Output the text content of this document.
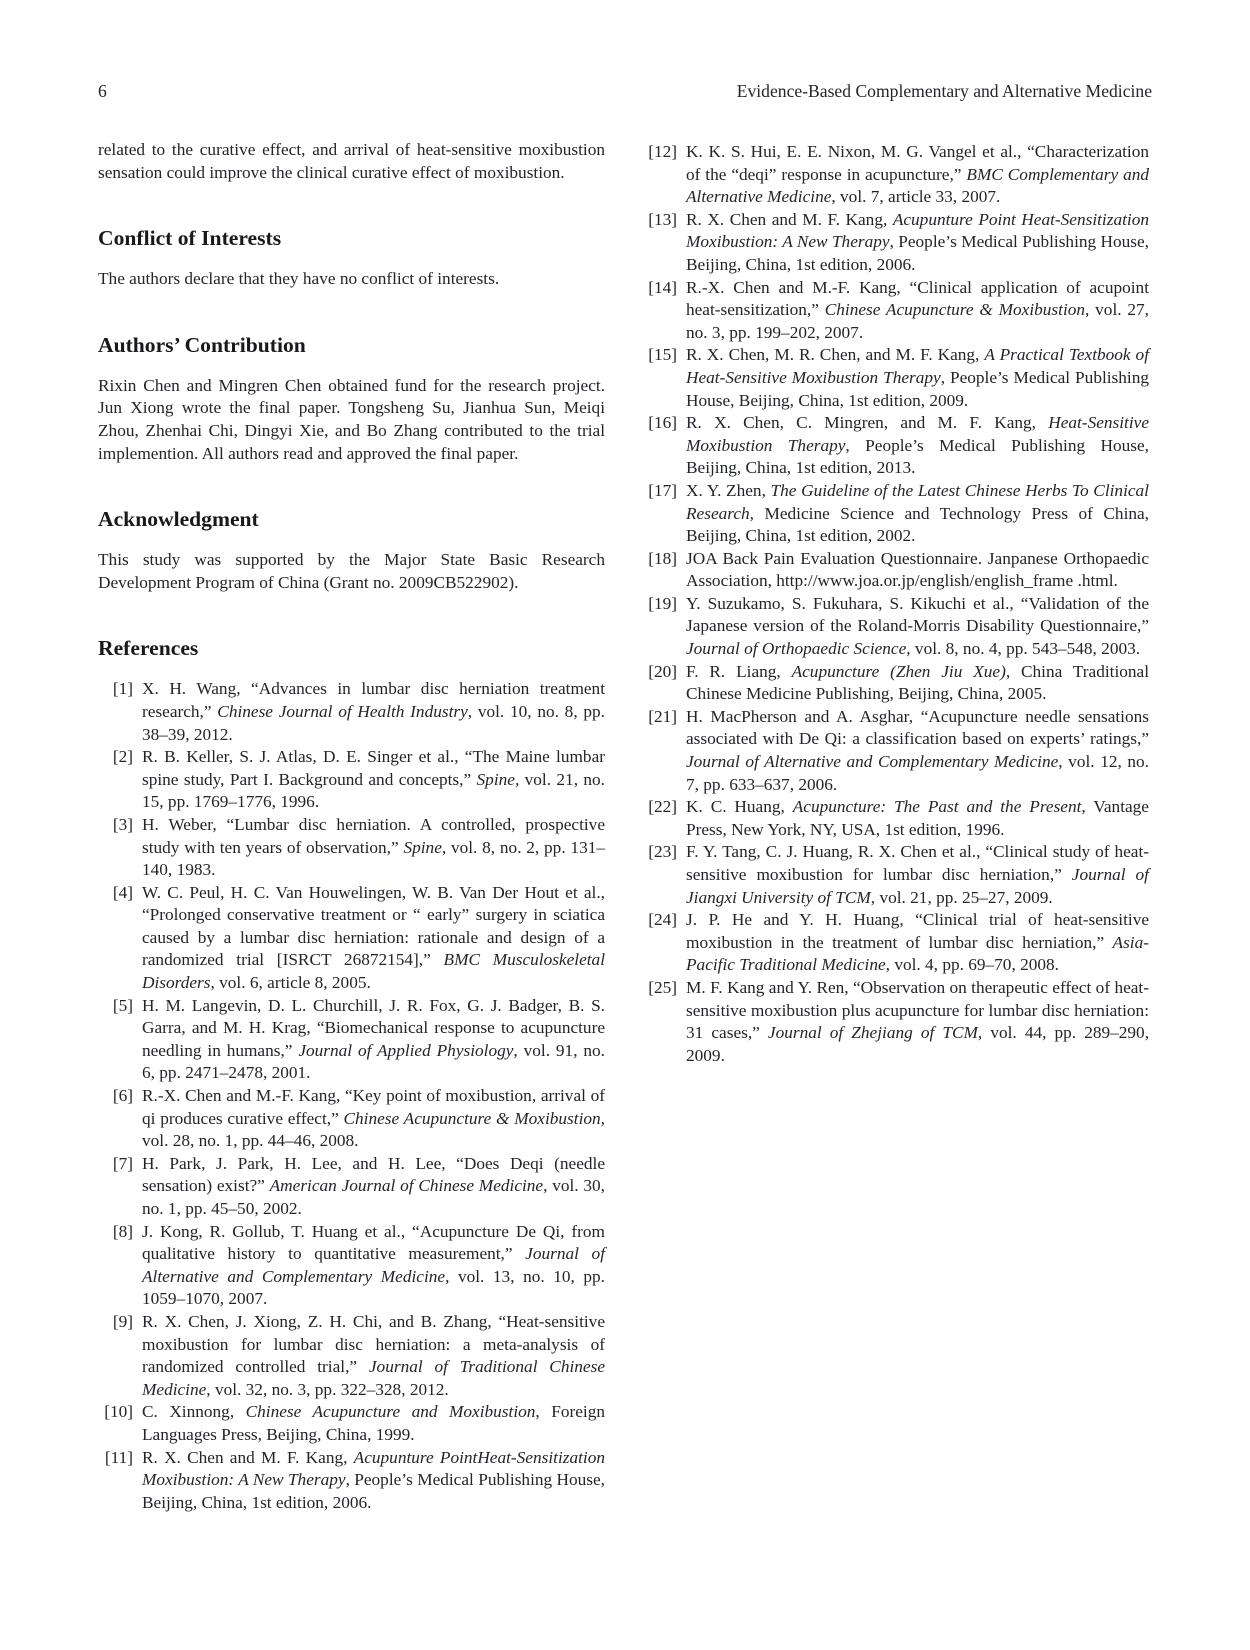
6	Evidence-Based Complementary and Alternative Medicine

related to the curative effect, and arrival of heat-sensitive moxibustion sensation could improve the clinical curative effect of moxibustion.

Conflict of Interests

The authors declare that they have no conflict of interests.

Authors’ Contribution

Rixin Chen and Mingren Chen obtained fund for the research project. Jun Xiong wrote the final paper. Tongsheng Su, Jianhua Sun, Meiqi Zhou, Zhenhai Chi, Dingyi Xie, and Bo Zhang contributed to the trial implemention. All authors read and approved the final paper.

Acknowledgment

This study was supported by the Major State Basic Research Development Program of China (Grant no. 2009CB522902).

References
[1] X. H. Wang, “Advances in lumbar disc herniation treatment research,” Chinese Journal of Health Industry, vol. 10, no. 8, pp. 38–39, 2012.
[2] R. B. Keller, S. J. Atlas, D. E. Singer et al., “The Maine lumbar spine study, Part I. Background and concepts,” Spine, vol. 21, no. 15, pp. 1769–1776, 1996.
[3] H. Weber, “Lumbar disc herniation. A controlled, prospective study with ten years of observation,” Spine, vol. 8, no. 2, pp. 131–140, 1983.
[4] W. C. Peul, H. C. Van Houwelingen, W. B. Van Der Hout et al., “Prolonged conservative treatment or “ early” surgery in sciatica caused by a lumbar disc herniation: rationale and design of a randomized trial [ISRCT 26872154],” BMC Musculoskeletal Disorders, vol. 6, article 8, 2005.
[5] H. M. Langevin, D. L. Churchill, J. R. Fox, G. J. Badger, B. S. Garra, and M. H. Krag, “Biomechanical response to acupuncture needling in humans,” Journal of Applied Physiology, vol. 91, no. 6, pp. 2471–2478, 2001.
[6] R.-X. Chen and M.-F. Kang, “Key point of moxibustion, arrival of qi produces curative effect,” Chinese Acupuncture & Moxibustion, vol. 28, no. 1, pp. 44–46, 2008.
[7] H. Park, J. Park, H. Lee, and H. Lee, “Does Deqi (needle sensation) exist?” American Journal of Chinese Medicine, vol. 30, no. 1, pp. 45–50, 2002.
[8] J. Kong, R. Gollub, T. Huang et al., “Acupuncture De Qi, from qualitative history to quantitative measurement,” Journal of Alternative and Complementary Medicine, vol. 13, no. 10, pp. 1059–1070, 2007.
[9] R. X. Chen, J. Xiong, Z. H. Chi, and B. Zhang, “Heat-sensitive moxibustion for lumbar disc herniation: a meta-analysis of randomized controlled trial,” Journal of Traditional Chinese Medicine, vol. 32, no. 3, pp. 322–328, 2012.
[10] C. Xinnong, Chinese Acupuncture and Moxibustion, Foreign Languages Press, Beijing, China, 1999.
[11] R. X. Chen and M. F. Kang, Acupunture PointHeat-Sensitization Moxibustion: A New Therapy, People’s Medical Publishing House, Beijing, China, 1st edition, 2006.
[12] K. K. S. Hui, E. E. Nixon, M. G. Vangel et al., “Characterization of the “deqi” response in acupuncture,” BMC Complementary and Alternative Medicine, vol. 7, article 33, 2007.
[13] R. X. Chen and M. F. Kang, Acupunture Point Heat-Sensitization Moxibustion: A New Therapy, People’s Medical Publishing House, Beijing, China, 1st edition, 2006.
[14] R.-X. Chen and M.-F. Kang, “Clinical application of acupoint heat-sensitization,” Chinese Acupuncture & Moxibustion, vol. 27, no. 3, pp. 199–202, 2007.
[15] R. X. Chen, M. R. Chen, and M. F. Kang, A Practical Textbook of Heat-Sensitive Moxibustion Therapy, People’s Medical Publishing House, Beijing, China, 1st edition, 2009.
[16] R. X. Chen, C. Mingren, and M. F. Kang, Heat-Sensitive Moxibustion Therapy, People’s Medical Publishing House, Beijing, China, 1st edition, 2013.
[17] X. Y. Zhen, The Guideline of the Latest Chinese Herbs To Clinical Research, Medicine Science and Technology Press of China, Beijing, China, 1st edition, 2002.
[18] JOA Back Pain Evaluation Questionnaire. Janpanese Orthopaedic Association, http://www.joa.or.jp/english/english_frame .html.
[19] Y. Suzukamo, S. Fukuhara, S. Kikuchi et al., “Validation of the Japanese version of the Roland-Morris Disability Questionnaire,” Journal of Orthopaedic Science, vol. 8, no. 4, pp. 543–548, 2003.
[20] F. R. Liang, Acupuncture (Zhen Jiu Xue), China Traditional Chinese Medicine Publishing, Beijing, China, 2005.
[21] H. MacPherson and A. Asghar, “Acupuncture needle sensations associated with De Qi: a classification based on experts’ ratings,” Journal of Alternative and Complementary Medicine, vol. 12, no. 7, pp. 633–637, 2006.
[22] K. C. Huang, Acupuncture: The Past and the Present, Vantage Press, New York, NY, USA, 1st edition, 1996.
[23] F. Y. Tang, C. J. Huang, R. X. Chen et al., “Clinical study of heat-sensitive moxibustion for lumbar disc herniation,” Journal of Jiangxi University of TCM, vol. 21, pp. 25–27, 2009.
[24] J. P. He and Y. H. Huang, “Clinical trial of heat-sensitive moxibustion in the treatment of lumbar disc herniation,” Asia-Pacific Traditional Medicine, vol. 4, pp. 69–70, 2008.
[25] M. F. Kang and Y. Ren, “Observation on therapeutic effect of heat-sensitive moxibustion plus acupuncture for lumbar disc herniation: 31 cases,” Journal of Zhejiang of TCM, vol. 44, pp. 289–290, 2009.
